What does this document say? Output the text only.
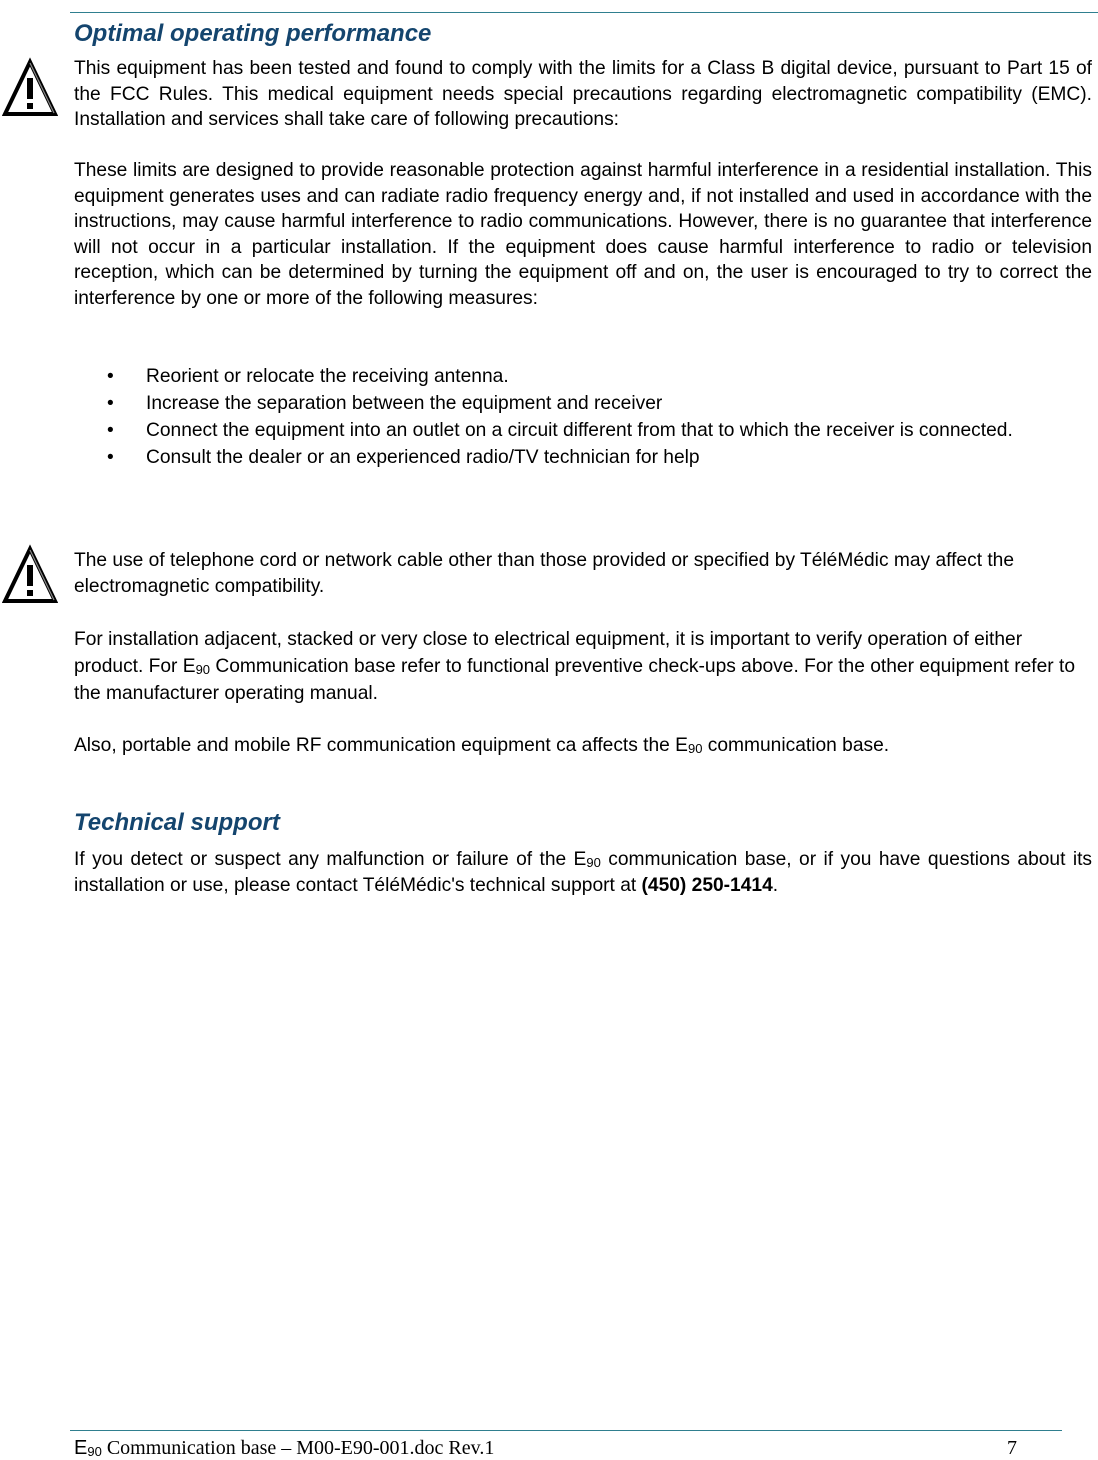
Optimal operating performance

This equipment has been tested and found to comply with the limits for a Class B digital device, pursuant to Part 15 of the FCC Rules. This medical equipment needs special precautions regarding electromagnetic compatibility (EMC). Installation and services shall take care of following precautions:

These limits are designed to provide reasonable protection against harmful interference in a residential installation. This equipment generates uses and can radiate radio frequency energy and, if not installed and used in accordance with the instructions, may cause harmful interference to radio communications. However, there is no guarantee that interference will not occur in a particular installation. If the equipment does cause harmful interference to radio or television reception, which can be determined by turning the equipment off and on, the user is encouraged to try to correct the interference by one or more of the following measures:

• Reorient or relocate the receiving antenna.
• Increase the separation between the equipment and receiver
• Connect the equipment into an outlet on a circuit different from that to which the receiver is connected.
• Consult the dealer or an experienced radio/TV technician for help

The use of telephone cord or network cable other than those provided or specified by TéléMédic may affect the electromagnetic compatibility.

For installation adjacent, stacked or very close to electrical equipment, it is important to verify operation of either product. For $E_{90}$ Communication base refer to functional preventive check-ups above. For the other equipment refer to the manufacturer operating manual.

Also, portable and mobile RF communication equipment ca affects the $E_{90}$ communication base.

Technical support

If you detect or suspect any malfunction or failure of the $E_{90}$ communication base, or if you have questions about its installation or use, please contact TéléMédic's technical support at (450) 250-1414.

$E_{90}$ Communication base – M00-E90-001.doc Rev.1	7
